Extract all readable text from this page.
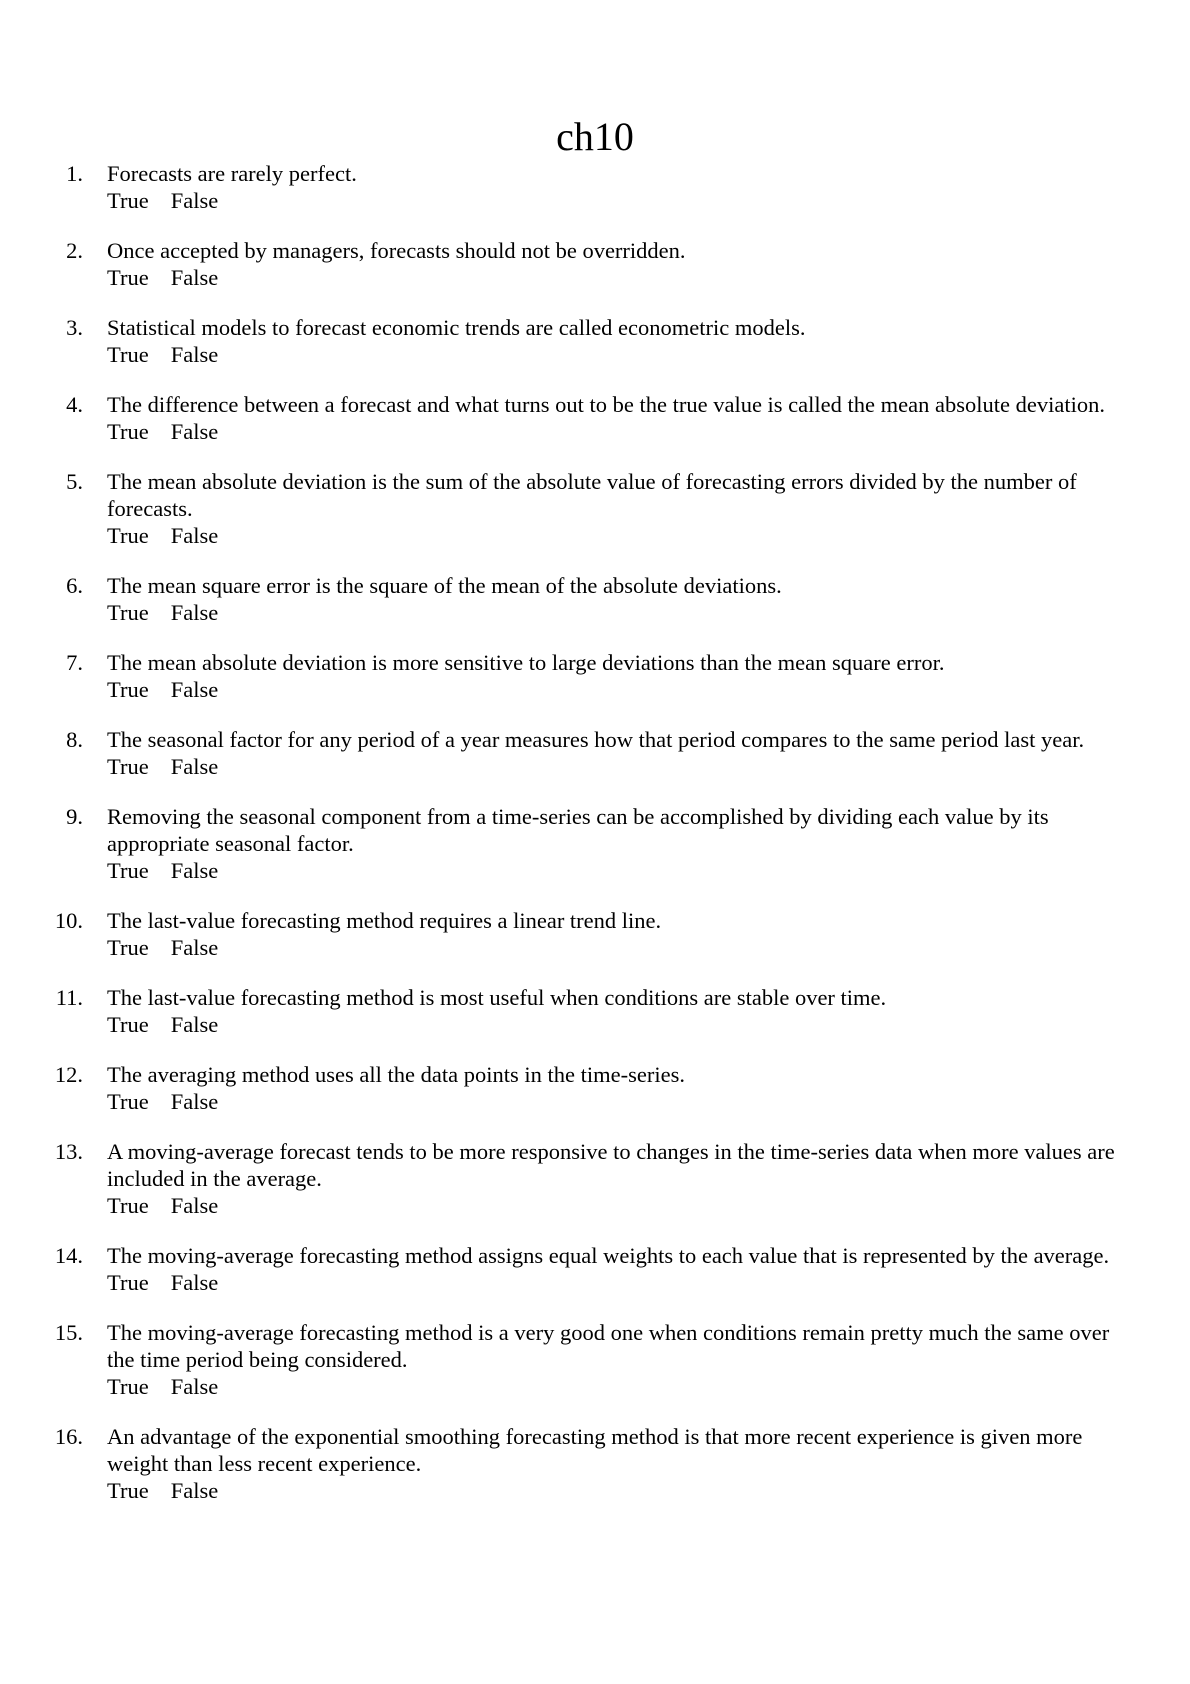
ch10
1. Forecasts are rarely perfect.
True False
2. Once accepted by managers, forecasts should not be overridden.
True False
3. Statistical models to forecast economic trends are called econometric models.
True False
4. The difference between a forecast and what turns out to be the true value is called the mean absolute deviation.
True False
5. The mean absolute deviation is the sum of the absolute value of forecasting errors divided by the number of forecasts.
True False
6. The mean square error is the square of the mean of the absolute deviations.
True False
7. The mean absolute deviation is more sensitive to large deviations than the mean square error.
True False
8. The seasonal factor for any period of a year measures how that period compares to the same period last year.
True False
9. Removing the seasonal component from a time-series can be accomplished by dividing each value by its appropriate seasonal factor.
True False
10. The last-value forecasting method requires a linear trend line.
True False
11. The last-value forecasting method is most useful when conditions are stable over time.
True False
12. The averaging method uses all the data points in the time-series.
True False
13. A moving-average forecast tends to be more responsive to changes in the time-series data when more values are included in the average.
True False
14. The moving-average forecasting method assigns equal weights to each value that is represented by the average.
True False
15. The moving-average forecasting method is a very good one when conditions remain pretty much the same over the time period being considered.
True False
16. An advantage of the exponential smoothing forecasting method is that more recent experience is given more weight than less recent experience.
True False
